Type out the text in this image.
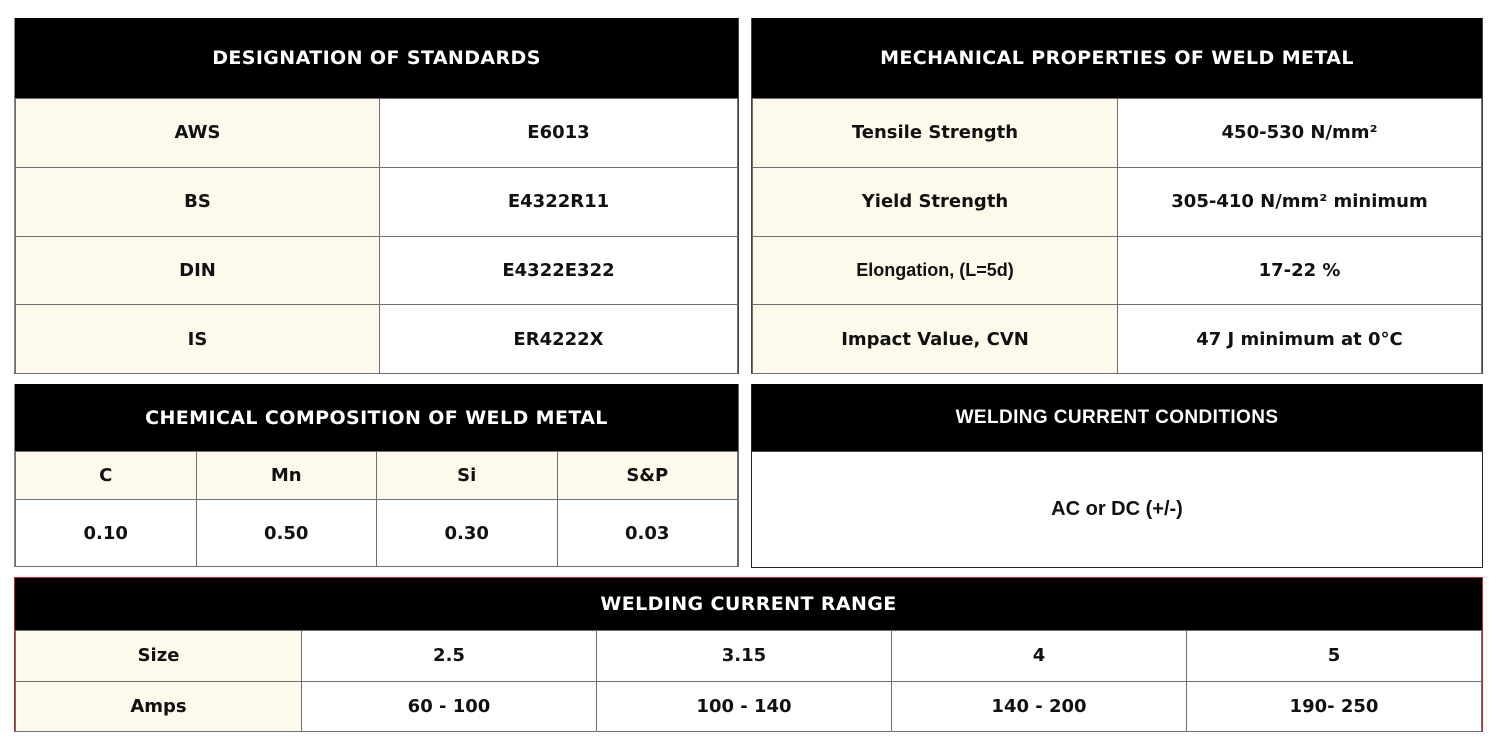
DESIGNATION OF STANDARDS
AWS	E6013
BS	E4322R11
DIN	E4322E322
IS	ER4222X
MECHANICAL PROPERTIES OF WELD METAL
Tensile Strength	450-530 N/mm²
Yield Strength	305-410 N/mm² minimum
Elongation, (L=5d)	17-22 %
Impact Value, CVN	47 J minimum at 0°C
CHEMICAL COMPOSITION OF WELD METAL
C	Mn	Si	S&P
0.10	0.50	0.30	0.03
WELDING CURRENT CONDITIONS
AC or DC (+/-)
WELDING CURRENT RANGE
Size	2.5	3.15	4	5
Amps	60 - 100	100 - 140	140 - 200	190- 250
